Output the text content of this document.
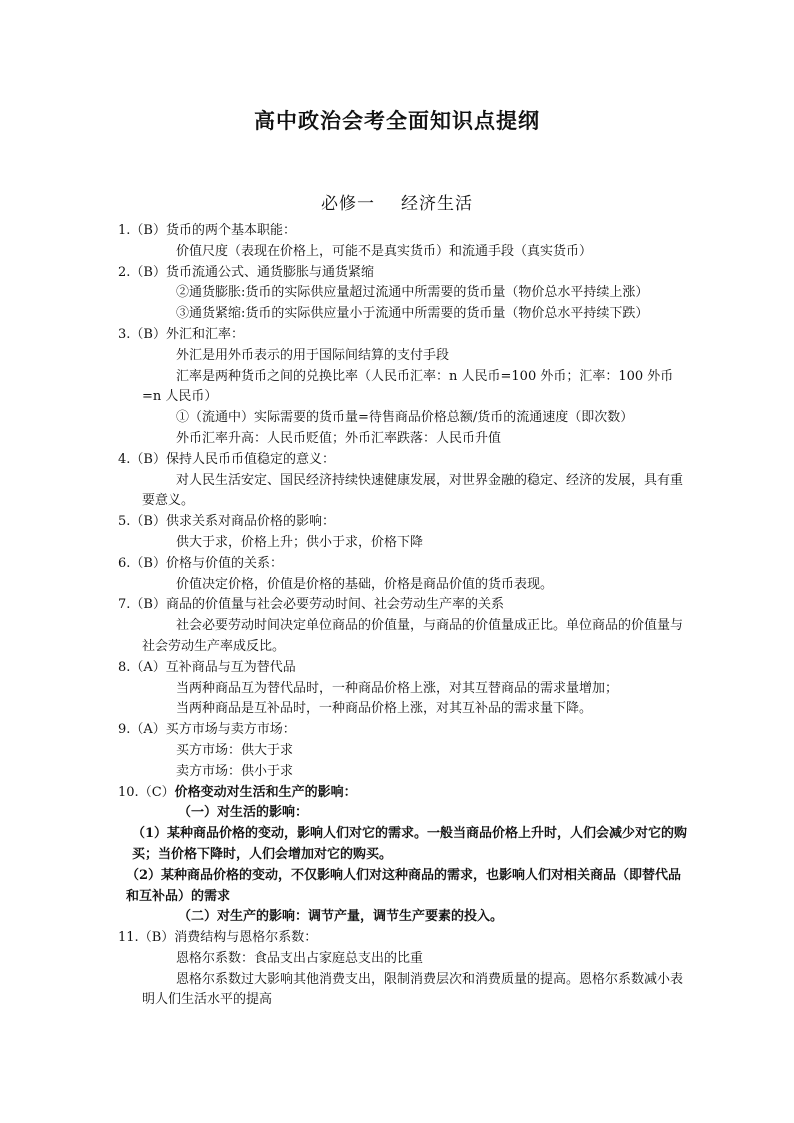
高中政治会考全面知识点提纲
必修一 经济生活
1.（B）货币的两个基本职能：
价值尺度（表现在价格上，可能不是真实货币）和流通手段（真实货币）
2.（B）货币流通公式、通货膨胀与通货紧缩
②通货膨胀:货币的实际供应量超过流通中所需要的货币量（物价总水平持续上涨）
③通货紧缩:货币的实际供应量小于流通中所需要的货币量（物价总水平持续下跌）
3.（B）外汇和汇率：
外汇是用外币表示的用于国际间结算的支付手段
汇率是两种货币之间的兑换比率（人民币汇率：n 人民币=100 外币；汇率：100 外币=n 人民币）
①（流通中）实际需要的货币量=待售商品价格总额/货币的流通速度（即次数）
外币汇率升高：人民币贬值；外币汇率跌落：人民币升值
4.（B）保持人民币币值稳定的意义：
对人民生活安定、国民经济持续快速健康发展，对世界金融的稳定、经济的发展，具有重要意义。
5.（B）供求关系对商品价格的影响：
供大于求，价格上升；供小于求，价格下降
6.（B）价格与价值的关系：
价值决定价格，价值是价格的基础，价格是商品价值的货币表现。
7.（B）商品的价值量与社会必要劳动时间、社会劳动生产率的关系
社会必要劳动时间决定单位商品的价值量，与商品的价值量成正比。单位商品的价值量与社会劳动生产率成反比。
8.（A）互补商品与互为替代品
当两种商品互为替代品时，一种商品价格上涨，对其互替商品的需求量增加；
当两种商品是互补品时，一种商品价格上涨，对其互补品的需求量下降。
9.（A）买方市场与卖方市场：
买方市场：供大于求
卖方市场：供小于求
10.（C）价格变动对生活和生产的影响：
（一）对生活的影响：
（1）某种商品价格的变动，影响人们对它的需求。一般当商品价格上升时，人们会减少对它的购买；当价格下降时，人们会增加对它的购买。
（2）某种商品价格的变动，不仅影响人们对这种商品的需求，也影响人们对相关商品（即替代品和互补品）的需求
（二）对生产的影响：调节产量，调节生产要素的投入。
11.（B）消费结构与恩格尔系数：
恩格尔系数：食品支出占家庭总支出的比重
恩格尔系数过大影响其他消费支出，限制消费层次和消费质量的提高。恩格尔系数减小表明人们生活水平的提高
